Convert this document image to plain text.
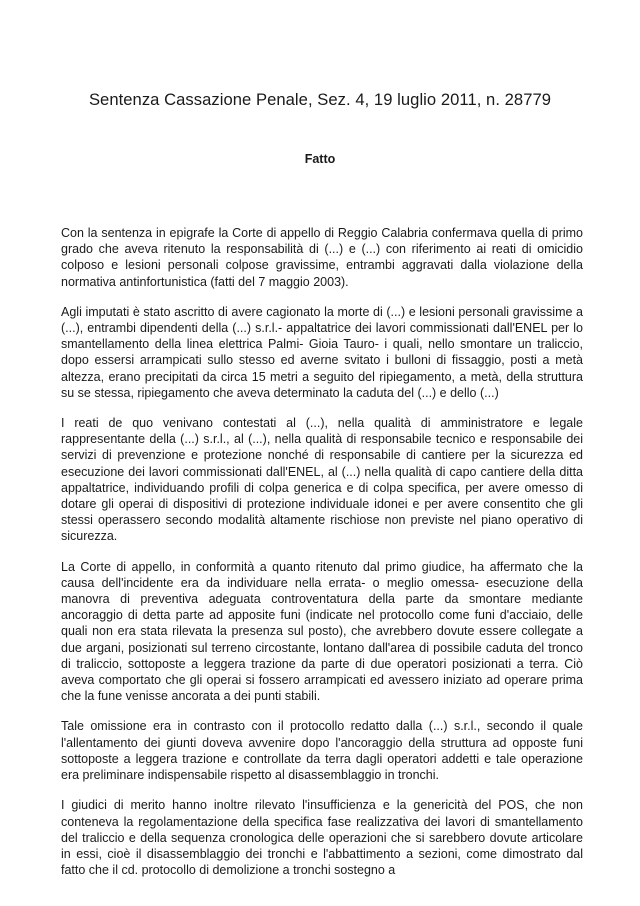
Sentenza Cassazione Penale, Sez. 4, 19 luglio 2011, n. 28779
Fatto

Con la sentenza in epigrafe la Corte di appello di Reggio Calabria confermava quella di primo grado che aveva ritenuto la responsabilità di (...) e (...) con riferimento ai reati di omicidio colposo e lesioni personali colpose gravissime, entrambi aggravati dalla violazione della normativa antinfortunistica (fatti del 7 maggio 2003).

Agli imputati è stato ascritto di avere cagionato la morte di (...) e lesioni personali gravissime a (...), entrambi dipendenti della (...) s.r.l.- appaltatrice dei lavori commissionati dall'ENEL per lo smantellamento della linea elettrica Palmi- Gioia Tauro- i quali, nello smontare un traliccio, dopo essersi arrampicati sullo stesso ed averne svitato i bulloni di fissaggio, posti a metà altezza, erano precipitati da circa 15 metri a seguito del ripiegamento, a metà, della struttura su se stessa, ripiegamento che aveva determinato la caduta del (...) e dello (...)

I reati de quo venivano contestati al (...), nella qualità di amministratore e legale rappresentante della (...) s.r.l., al (...), nella qualità di responsabile tecnico e responsabile dei servizi di prevenzione e protezione nonché di responsabile di cantiere per la sicurezza ed esecuzione dei lavori commissionati dall'ENEL, al (...) nella qualità di capo cantiere della ditta appaltatrice, individuando profili di colpa generica e di colpa specifica, per avere omesso di dotare gli operai di dispositivi di protezione individuale idonei e per avere consentito che gli stessi operassero secondo modalità altamente rischiose non previste nel piano operativo di sicurezza.

La Corte di appello, in conformità a quanto ritenuto dal primo giudice, ha affermato che la causa dell'incidente era da individuare nella errata- o meglio omessa- esecuzione della manovra di preventiva adeguata controventatura della parte da smontare mediante ancoraggio di detta parte ad apposite funi (indicate nel protocollo come funi d'acciaio, delle quali non era stata rilevata la presenza sul posto), che avrebbero dovute essere collegate a due argani, posizionati sul terreno circostante, lontano dall'area di possibile caduta del tronco di traliccio, sottoposte a leggera trazione da parte di due operatori posizionati a terra. Ciò aveva comportato che gli operai si fossero arrampicati ed avessero iniziato ad operare prima che la fune venisse ancorata a dei punti stabili.

Tale omissione era in contrasto con il protocollo redatto dalla (...) s.r.l., secondo il quale l'allentamento dei giunti doveva avvenire dopo l'ancoraggio della struttura ad opposte funi sottoposte a leggera trazione e controllate da terra dagli operatori addetti e tale operazione era preliminare indispensabile rispetto al disassemblaggio in tronchi.

I giudici di merito hanno inoltre rilevato l'insufficienza e la genericità del POS, che non conteneva la regolamentazione della specifica fase realizzativa dei lavori di smantellamento del traliccio e della sequenza cronologica delle operazioni che si sarebbero dovute articolare in essi, cioè il disassemblaggio dei tronchi e l'abbattimento a sezioni, come dimostrato dal fatto che il cd. protocollo di demolizione a tronchi sostegno a
